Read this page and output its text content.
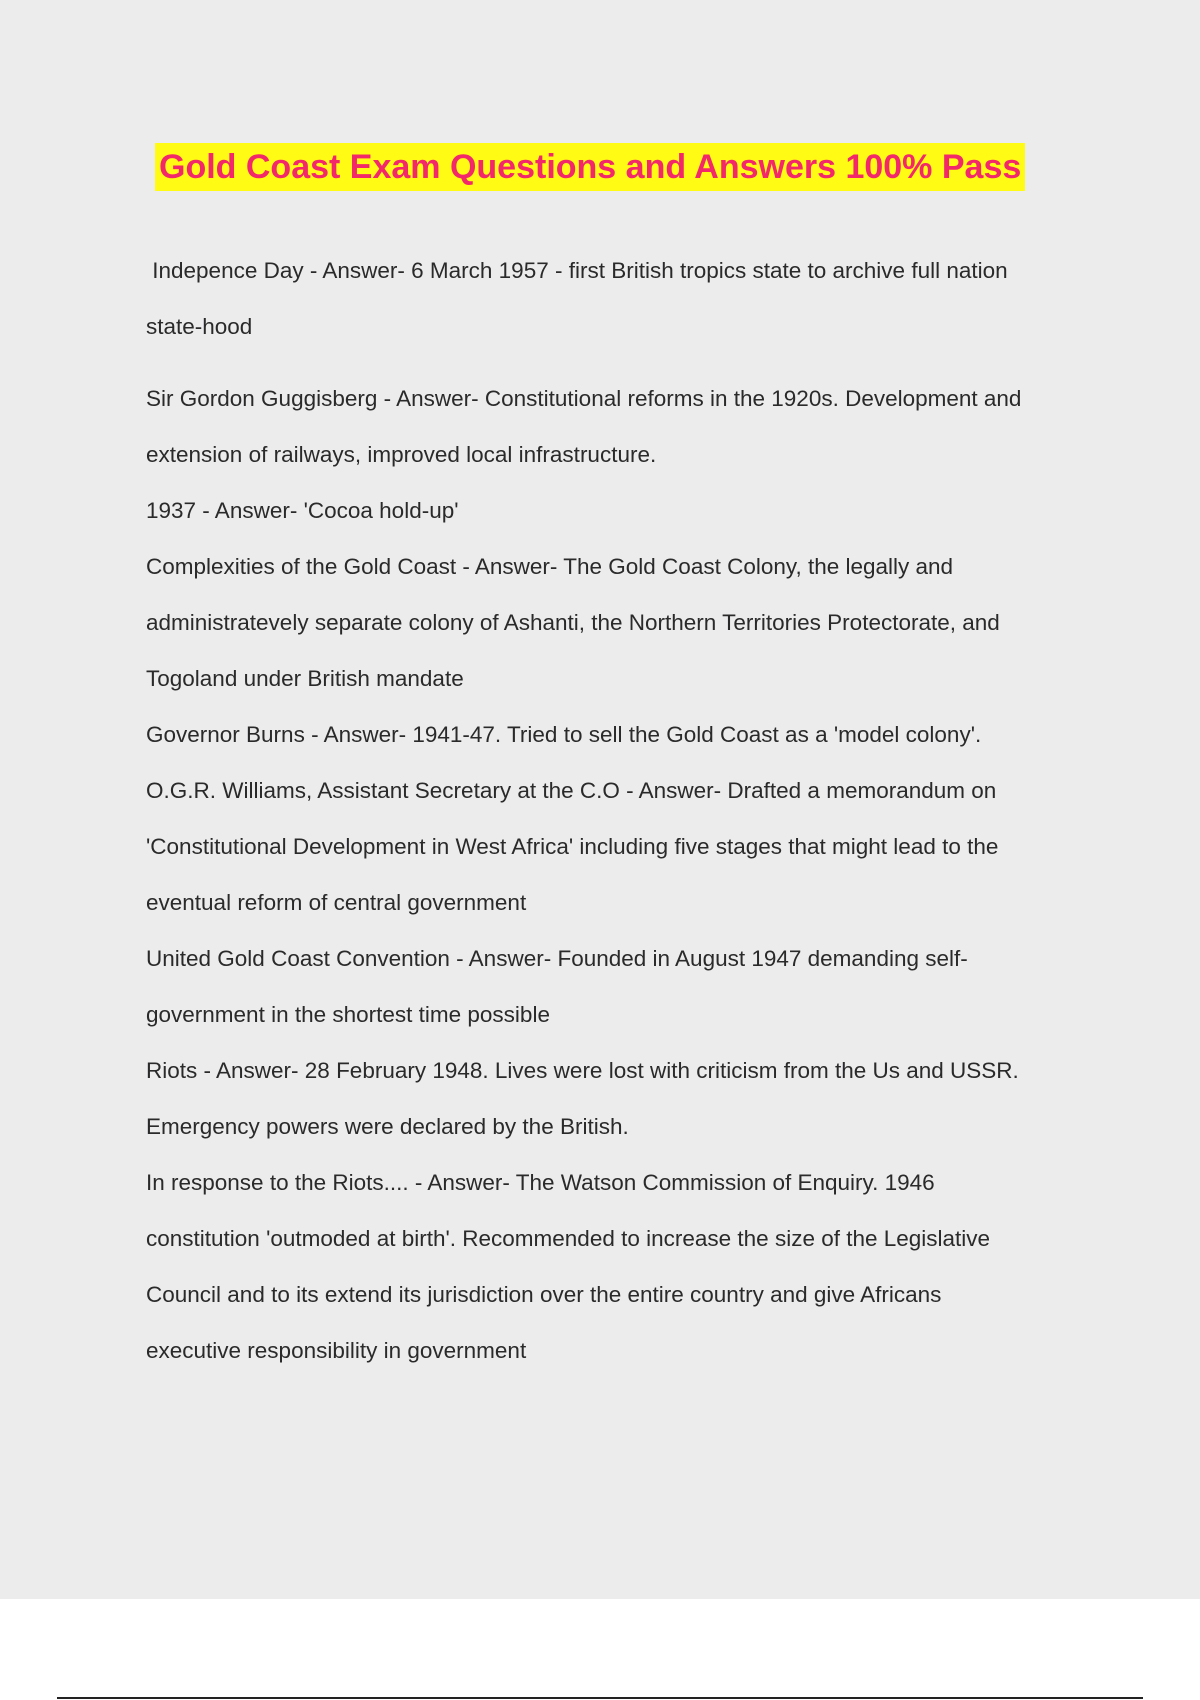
Gold Coast Exam Questions and Answers 100% Pass

Indepence Day - Answer- 6 March 1957 - first British tropics state to archive full nation

state-hood

Sir Gordon Guggisberg - Answer- Constitutional reforms in the 1920s. Development and

extension of railways, improved local infrastructure.

1937 - Answer- 'Cocoa hold-up'

Complexities of the Gold Coast - Answer- The Gold Coast Colony, the legally and

administratevely separate colony of Ashanti, the Northern Territories Protectorate, and

Togoland under British mandate

Governor Burns - Answer- 1941-47. Tried to sell the Gold Coast as a 'model colony'.

O.G.R. Williams, Assistant Secretary at the C.O - Answer- Drafted a memorandum on

'Constitutional Development in West Africa' including five stages that might lead to the

eventual reform of central government

United Gold Coast Convention - Answer- Founded in August 1947 demanding self-

government in the shortest time possible

Riots - Answer- 28 February 1948. Lives were lost with criticism from the Us and USSR.

Emergency powers were declared by the British.

In response to the Riots.... - Answer- The Watson Commission of Enquiry. 1946

constitution 'outmoded at birth'. Recommended to increase the size of the Legislative

Council and to its extend its jurisdiction over the entire country and give Africans

executive responsibility in government
